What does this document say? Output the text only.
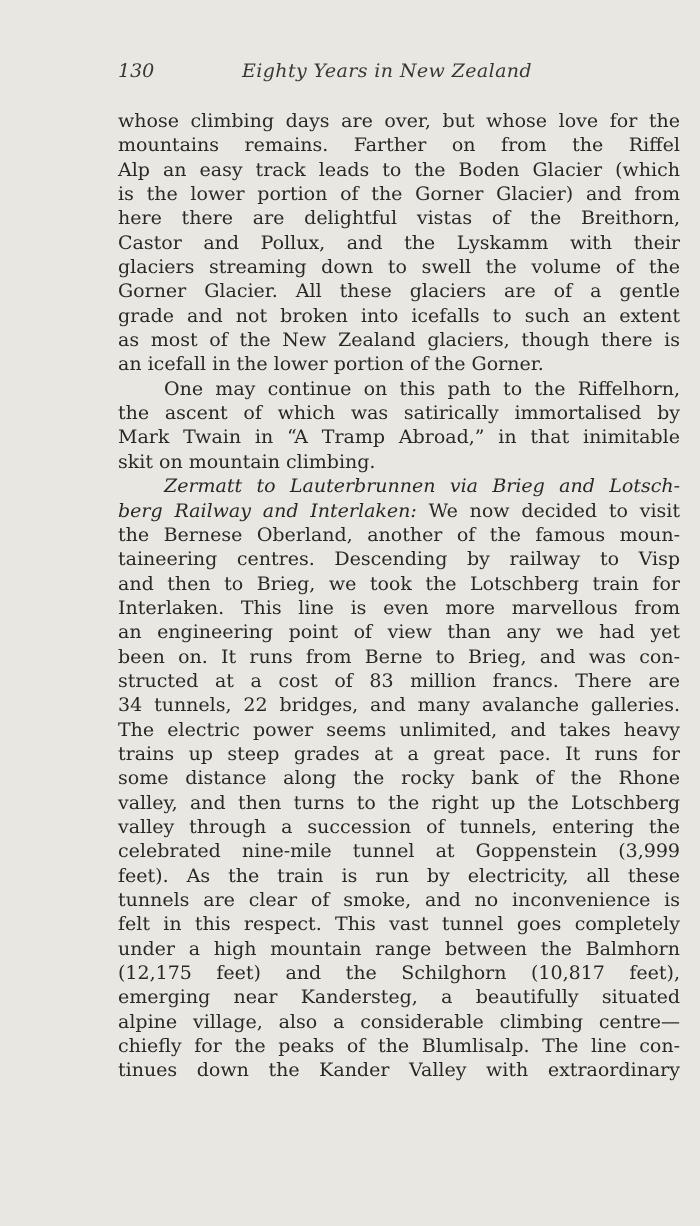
130	Eighty Years in New Zealand
whose climbing days are over, but whose love for the
mountains remains. Farther on from the Riffel
Alp an easy track leads to the Boden Glacier (which
is the lower portion of the Gorner Glacier) and from
here there are delightful vistas of the Breithorn,
Castor and Pollux, and the Lyskamm with their
glaciers streaming down to swell the volume of the
Gorner Glacier. All these glaciers are of a gentle
grade and not broken into icefalls to such an extent
as most of the New Zealand glaciers, though there is
an icefall in the lower portion of the Gorner.
One may continue on this path to the Riffelhorn,
the ascent of which was satirically immortalised by
Mark Twain in “A Tramp Abroad,” in that inimitable
skit on mountain climbing.
Zermatt to Lauterbrunnen via Brieg and Lotsch-
berg Railway and Interlaken: We now decided to visit
the Bernese Oberland, another of the famous moun-
taineering centres. Descending by railway to Visp
and then to Brieg, we took the Lotschberg train for
Interlaken. This line is even more marvellous from
an engineering point of view than any we had yet
been on. It runs from Berne to Brieg, and was con-
structed at a cost of 83 million francs. There are
34 tunnels, 22 bridges, and many avalanche galleries.
The electric power seems unlimited, and takes heavy
trains up steep grades at a great pace. It runs for
some distance along the rocky bank of the Rhone
valley, and then turns to the right up the Lotschberg
valley through a succession of tunnels, entering the
celebrated nine-mile tunnel at Goppenstein (3,999
feet). As the train is run by electricity, all these
tunnels are clear of smoke, and no inconvenience is
felt in this respect. This vast tunnel goes completely
under a high mountain range between the Balmhorn
(12,175 feet) and the Schilghorn (10,817 feet),
emerging near Kandersteg, a beautifully situated
alpine village, also a considerable climbing centre—
chiefly for the peaks of the Blumlisalp. The line con-
tinues down the Kander Valley with extraordinary
